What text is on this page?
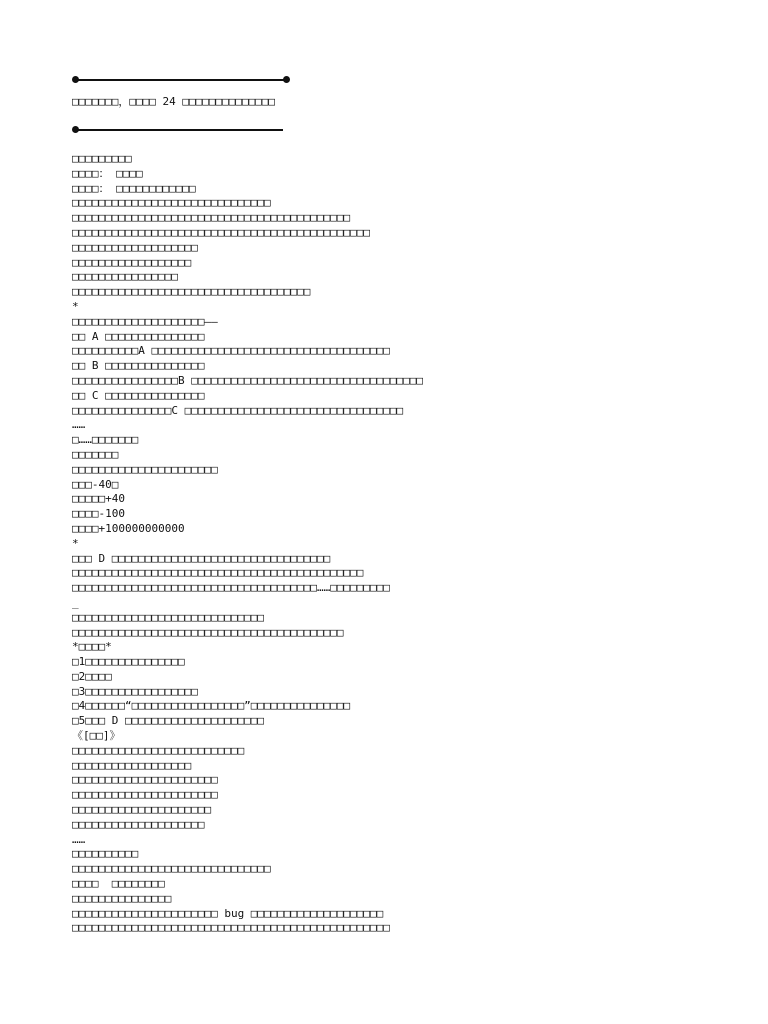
□□□□□□□，□□□□ 24 □□□□□□□□□□□□□□
□□□□□□□□□
□□□□： □□□□
□□□□： □□□□□□□□□□□□
□□□□□□□□□□□□□□□□□□□□□□□□□□□□□□
□□□□□□□□□□□□□□□□□□□□□□□□□□□□□□□□□□□□□□□□□□
□□□□□□□□□□□□□□□□□□□□□□□□□□□□□□□□□□□□□□□□□□□□□
□□□□□□□□□□□□□□□□□□□
□□□□□□□□□□□□□□□□□□
□□□□□□□□□□□□□□□□
□□□□□□□□□□□□□□□□□□□□□□□□□□□□□□□□□□□□
*
□□□□□□□□□□□□□□□□□□□□——
□□ A □□□□□□□□□□□□□□□
□□□□□□□□□□A □□□□□□□□□□□□□□□□□□□□□□□□□□□□□□□□□□□□
□□ B □□□□□□□□□□□□□□□
□□□□□□□□□□□□□□□□B □□□□□□□□□□□□□□□□□□□□□□□□□□□□□□□□□□□
□□ C □□□□□□□□□□□□□□□
□□□□□□□□□□□□□□□C □□□□□□□□□□□□□□□□□□□□□□□□□□□□□□□□□
……
□……□□□□□□□
□□□□□□□
□□□□□□□□□□□□□□□□□□□□□□
□□□-40□
□□□□□+40
□□□□-100
□□□□+100000000000
*
□□□ D □□□□□□□□□□□□□□□□□□□□□□□□□□□□□□□□□
□□□□□□□□□□□□□□□□□□□□□□□□□□□□□□□□□□□□□□□□□□□□
□□□□□□□□□□□□□□□□□□□□□□□□□□□□□□□□□□□□□……□□□□□□□□□
_
□□□□□□□□□□□□□□□□□□□□□□□□□□□□□
□□□□□□□□□□□□□□□□□□□□□□□□□□□□□□□□□□□□□□□□□
*□□□□*
□1□□□□□□□□□□□□□□□
□2□□□□
□3□□□□□□□□□□□□□□□□□
□4□□□□□□“□□□□□□□□□□□□□□□□□”□□□□□□□□□□□□□□□
□5□□□ D □□□□□□□□□□□□□□□□□□□□□
《[□□]》
□□□□□□□□□□□□□□□□□□□□□□□□□□
□□□□□□□□□□□□□□□□□□
□□□□□□□□□□□□□□□□□□□□□□
□□□□□□□□□□□□□□□□□□□□□□
□□□□□□□□□□□□□□□□□□□□□
□□□□□□□□□□□□□□□□□□□□
……
□□□□□□□□□□
□□□□□□□□□□□□□□□□□□□□□□□□□□□□□□
□□□□  □□□□□□□□
□□□□□□□□□□□□□□□
□□□□□□□□□□□□□□□□□□□□□□ bug □□□□□□□□□□□□□□□□□□□□
□□□□□□□□□□□□□□□□□□□□□□□□□□□□□□□□□□□□□□□□□□□□□□□□
